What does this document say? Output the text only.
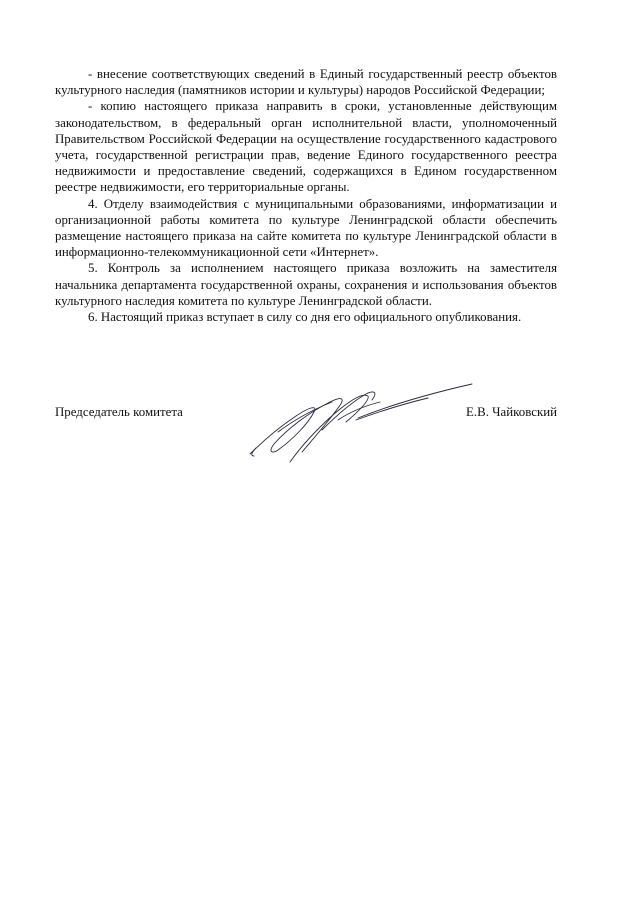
- внесение соответствующих сведений в Единый государственный реестр объектов культурного наследия (памятников истории и культуры) народов Российской Федерации;

- копию настоящего приказа направить в сроки, установленные действующим законодательством, в федеральный орган исполнительной власти, уполномоченный Правительством Российской Федерации на осуществление государственного кадастрового учета, государственной регистрации прав, ведение Единого государственного реестра недвижимости и предоставление сведений, содержащихся в Едином государственном реестре недвижимости, его территориальные органы.

4. Отделу взаимодействия с муниципальными образованиями, информатизации и организационной работы комитета по культуре Ленинградской области обеспечить размещение настоящего приказа на сайте комитета по культуре Ленинградской области в информационно-телекоммуникационной сети «Интернет».

5. Контроль за исполнением настоящего приказа возложить на заместителя начальника департамента государственной охраны, сохранения и использования объектов культурного наследия комитета по культуре Ленинградской области.

6. Настоящий приказ вступает в силу со дня его официального опубликования.

Председатель комитета	Е.В. Чайковский
